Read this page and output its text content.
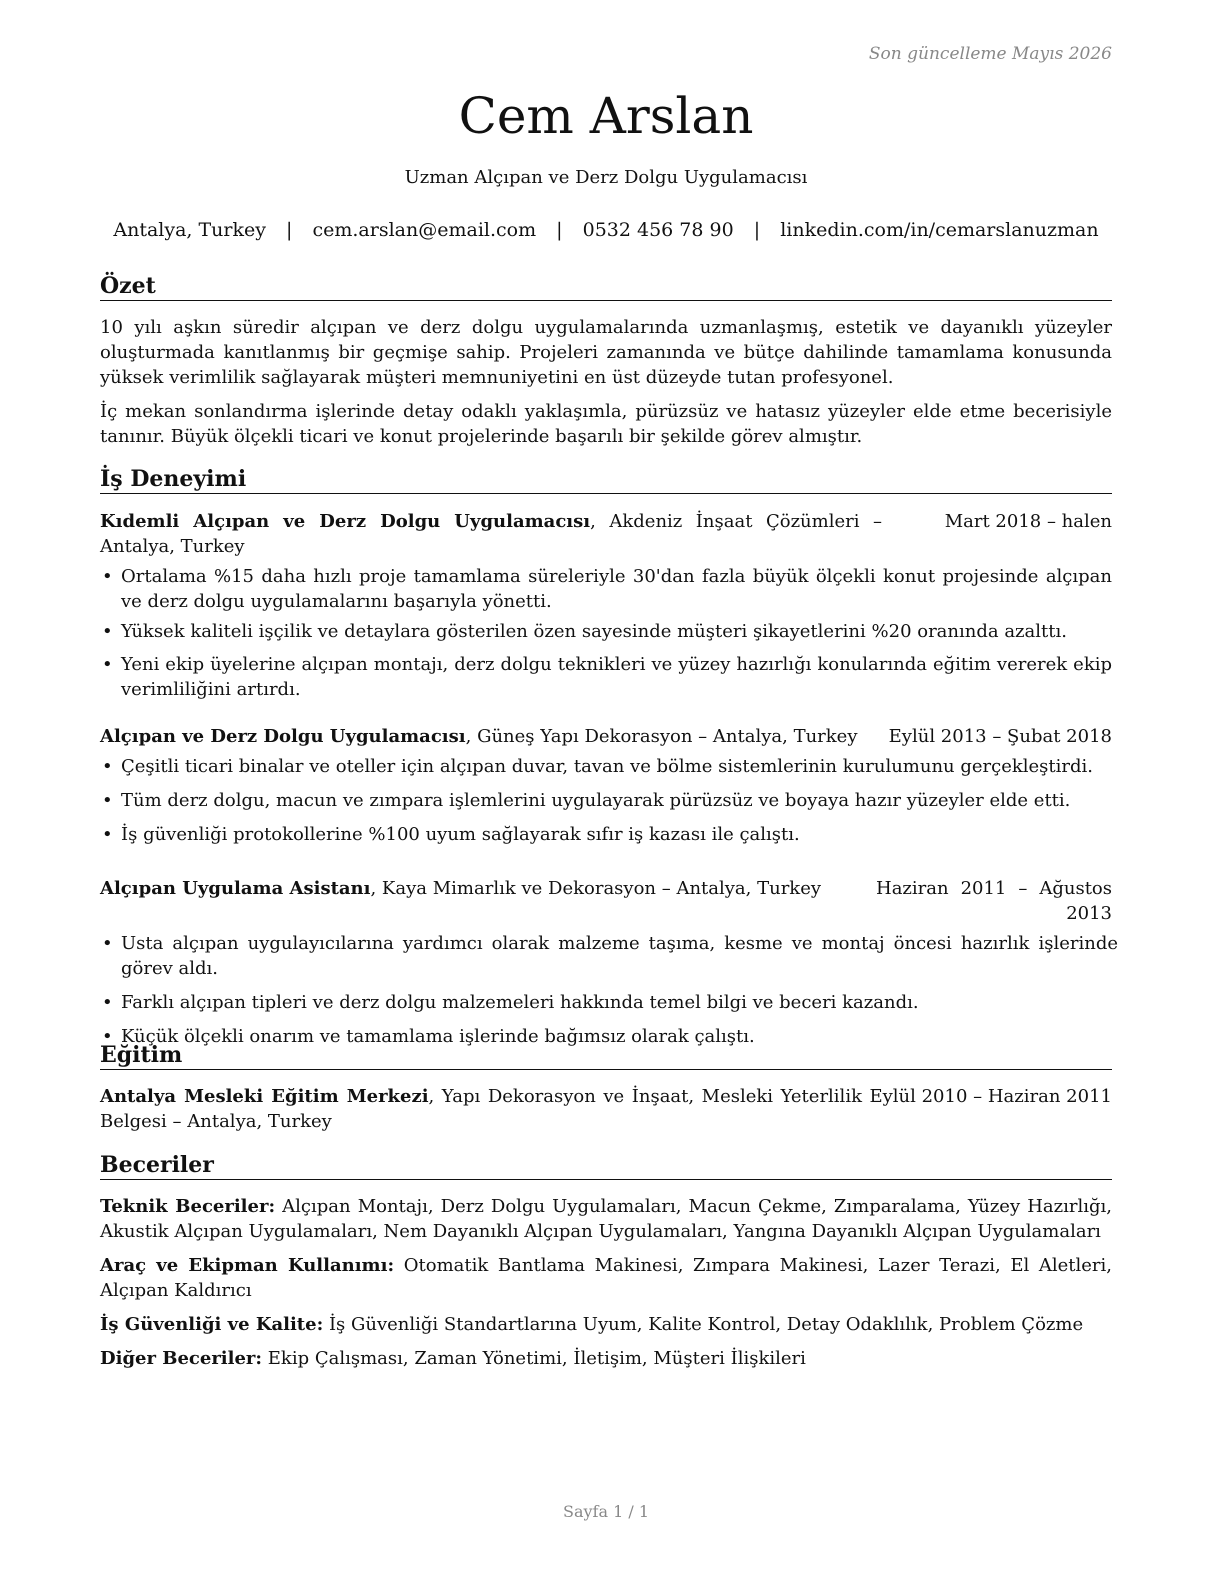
Son güncelleme Mayıs 2026
Cem Arslan
Uzman Alçıpan ve Derz Dolgu Uygulamacısı
Antalya, Turkey | cem.arslan@email.com | 0532 456 78 90 | linkedin.com/in/cemarslanuzman
Özet

10 yılı aşkın süredir alçıpan ve derz dolgu uygulamalarında uzmanlaşmış, estetik ve dayanıklı yüzeyler oluşturmada kanıtlanmış bir geçmişe sahip. Projeleri zamanında ve bütçe dahilinde tamamlama konusunda yüksek verimlilik sağlayarak müşteri memnuniyetini en üst düzeyde tutan profesyonel.

İç mekan sonlandırma işlerinde detay odaklı yaklaşımla, pürüzsüz ve hatasız yüzeyler elde etme becerisiyle tanınır. Büyük ölçekli ticari ve konut projelerinde başarılı bir şekilde görev almıştır.

İş Deneyimi
Kıdemli Alçıpan ve Derz Dolgu Uygulamacısı, Akdeniz İnşaat Çözümleri – Antalya, Turkey
Mart 2018 – halen
• Ortalama %15 daha hızlı proje tamamlama süreleriyle 30'dan fazla büyük ölçekli konut projesinde alçıpan ve derz dolgu uygulamalarını başarıyla yönetti.
• Yüksek kaliteli işçilik ve detaylara gösterilen özen sayesinde müşteri şikayetlerini %20 oranında azalttı.
• Yeni ekip üyelerine alçıpan montajı, derz dolgu teknikleri ve yüzey hazırlığı konularında eğitim vererek ekip verimliliğini artırdı.
Alçıpan ve Derz Dolgu Uygulamacısı, Güneş Yapı Dekorasyon – Antalya, Turkey	Eylül 2013 – Şubat 2018
• Çeşitli ticari binalar ve oteller için alçıpan duvar, tavan ve bölme sistemlerinin kurulumunu gerçekleştirdi.
• Tüm derz dolgu, macun ve zımpara işlemlerini uygulayarak pürüzsüz ve boyaya hazır yüzeyler elde etti.
• İş güvenliği protokollerine %100 uyum sağlayarak sıfır iş kazası ile çalıştı.
Alçıpan Uygulama Asistanı, Kaya Mimarlık ve Dekorasyon – Antalya, Turkey	Haziran 2011 – Ağustos 2013
• Usta alçıpan uygulayıcılarına yardımcı olarak malzeme taşıma, kesme ve montaj öncesi hazırlık işlerinde görev aldı.
• Farklı alçıpan tipleri ve derz dolgu malzemeleri hakkında temel bilgi ve beceri kazandı.
• Küçük ölçekli onarım ve tamamlama işlerinde bağımsız olarak çalıştı.
Eğitim
Antalya Mesleki Eğitim Merkezi, Yapı Dekorasyon ve İnşaat, Mesleki Yeterlilik Belgesi – Antalya, Turkey
Eylül 2010 – Haziran 2011
Beceriler

Teknik Beceriler: Alçıpan Montajı, Derz Dolgu Uygulamaları, Macun Çekme, Zımparalama, Yüzey Hazırlığı, Akustik Alçıpan Uygulamaları, Nem Dayanıklı Alçıpan Uygulamaları, Yangına Dayanıklı Alçıpan Uygulamaları

Araç ve Ekipman Kullanımı: Otomatik Bantlama Makinesi, Zımpara Makinesi, Lazer Terazi, El Aletleri, Alçıpan Kaldırıcı

İş Güvenliği ve Kalite: İş Güvenliği Standartlarına Uyum, Kalite Kontrol, Detay Odaklılık, Problem Çözme

Diğer Beceriler: Ekip Çalışması, Zaman Yönetimi, İletişim, Müşteri İlişkileri

Sayfa 1 / 1
